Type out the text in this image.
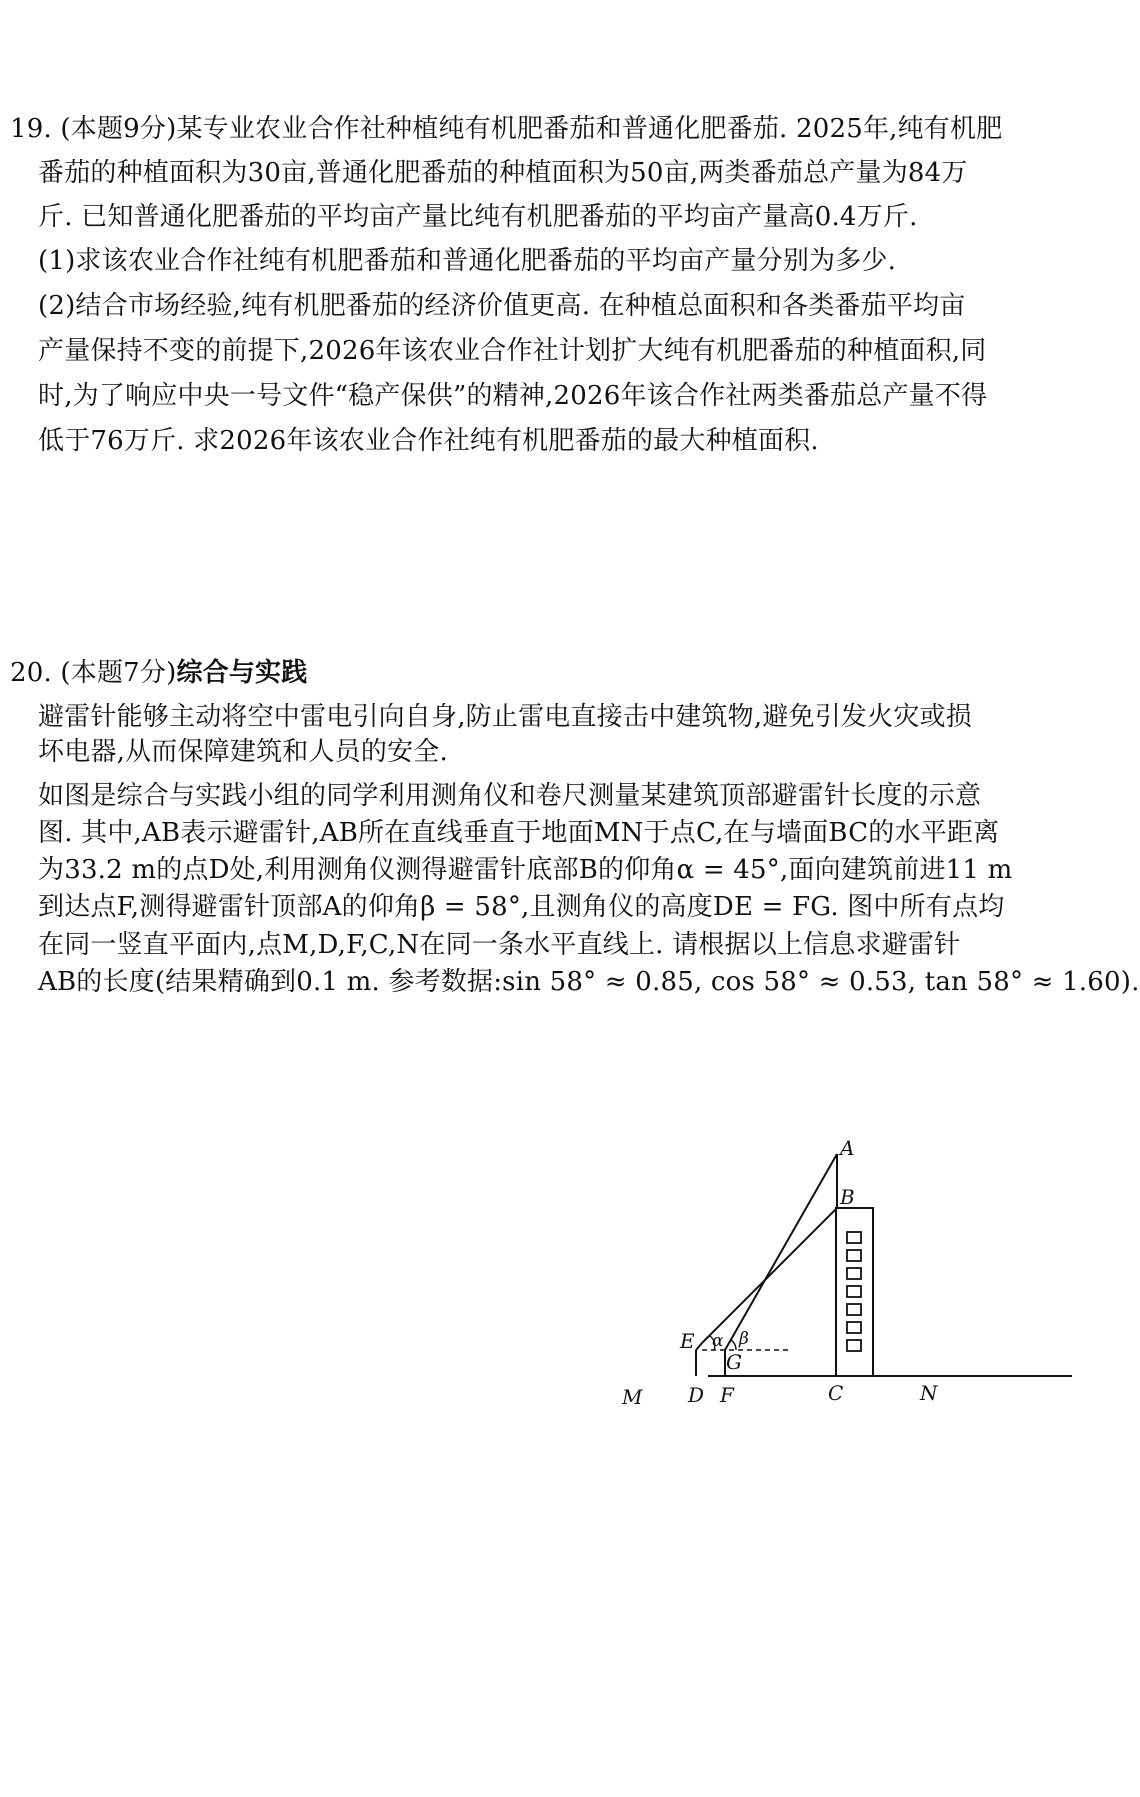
19. (本题9分)某专业农业合作社种植纯有机肥番茄和普通化肥番茄. 2025年,纯有机肥
番茄的种植面积为30亩,普通化肥番茄的种植面积为50亩,两类番茄总产量为84万
斤. 已知普通化肥番茄的平均亩产量比纯有机肥番茄的平均亩产量高0.4万斤.
(1)求该农业合作社纯有机肥番茄和普通化肥番茄的平均亩产量分别为多少.
(2)结合市场经验,纯有机肥番茄的经济价值更高. 在种植总面积和各类番茄平均亩
产量保持不变的前提下,2026年该农业合作社计划扩大纯有机肥番茄的种植面积,同
时,为了响应中央一号文件“稳产保供”的精神,2026年该合作社两类番茄总产量不得
低于76万斤. 求2026年该农业合作社纯有机肥番茄的最大种植面积.
20. (本题7分)综合与实践
避雷针能够主动将空中雷电引向自身,防止雷电直接击中建筑物,避免引发火灾或损
坏电器,从而保障建筑和人员的安全.
如图是综合与实践小组的同学利用测角仪和卷尺测量某建筑顶部避雷针长度的示意
图. 其中,AB表示避雷针,AB所在直线垂直于地面MN于点C,在与墙面BC的水平距离
为33.2 m的点D处,利用测角仪测得避雷针底部B的仰角α = 45°,面向建筑前进11 m
到达点F,测得避雷针顶部A的仰角β = 58°,且测角仪的高度DE = FG. 图中所有点均
在同一竖直平面内,点M,D,F,C,N在同一条水平直线上. 请根据以上信息求避雷针
AB的长度(结果精确到0.1 m. 参考数据:sin 58° ≈ 0.85, cos 58° ≈ 0.53, tan 58° ≈ 1.60).
A
B
C
D
E
F
G
N
α β
M
